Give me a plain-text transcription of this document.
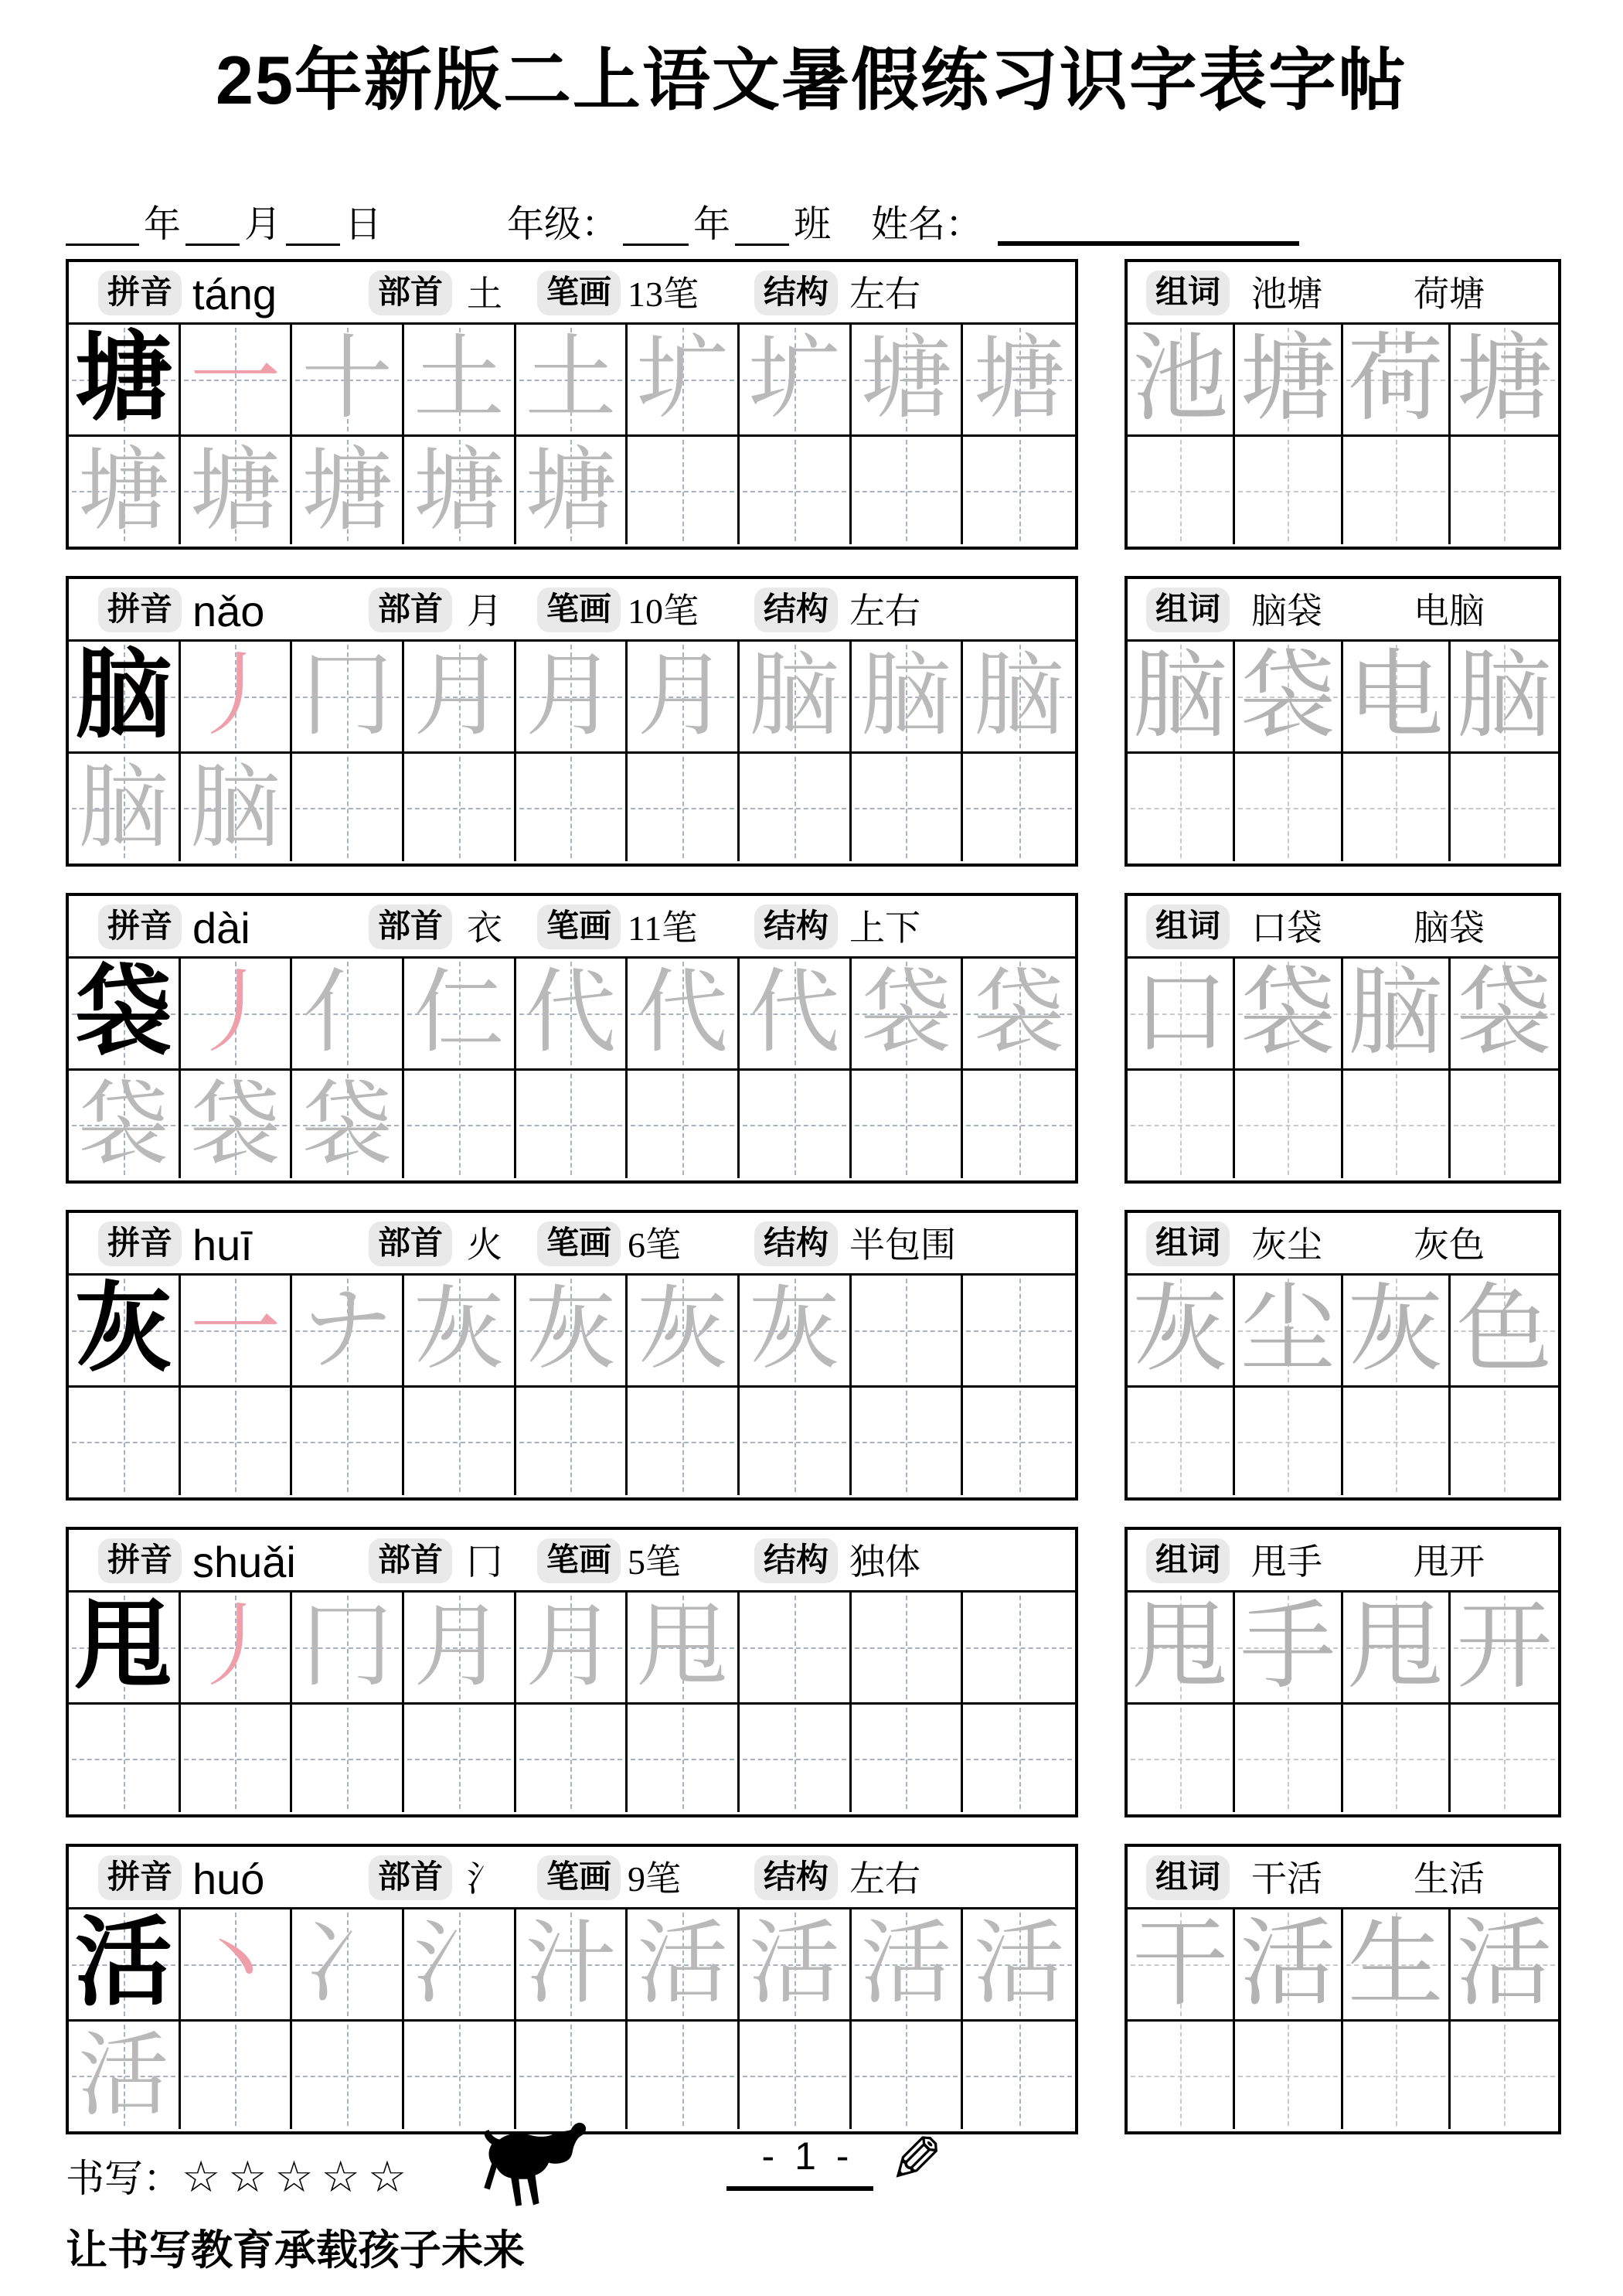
25年新版二上语文暑假练习识字表字帖
年 月 日	年级： 年 班 姓名：
拼音 táng	部首 土 笔画 13笔 结构 左右
塘 一 十 土 土 圹 圹 塘 塘
塘 塘 塘 塘 塘
组词 池塘	荷塘
池 塘 荷 塘
拼音 nǎo	部首 月 笔画 10笔 结构 左右
脑 丿 冂 月 月 月 脑 脑 脑
脑 脑
组词 脑袋	电脑
脑 袋 电 脑
拼音 dài	部首 衣 笔画 11笔 结构 上下
袋 丿 亻 仁 代 代 代 袋 袋
袋 袋 袋
组词 口袋	脑袋
口 袋 脑 袋
拼音 huī	部首 火 笔画 6笔	结构 半包围
灰 一 ナ 灰 灰 灰 灰
组词 灰尘	灰色
灰 尘 灰 色
拼音 shuǎi	部首 冂 笔画 5笔	结构 独体
甩 丿 冂 月 月 甩
组词 甩手	甩开
甩 手 甩 开
拼音 huó	部首 氵 笔画 9笔	结构 左右
活 丶 冫 氵 汁 活 活 活 活
活
组词 干活	生活
干 活 生 活
书写：☆☆☆☆☆	- 1 - ✎
让书写教育承载孩子未来
